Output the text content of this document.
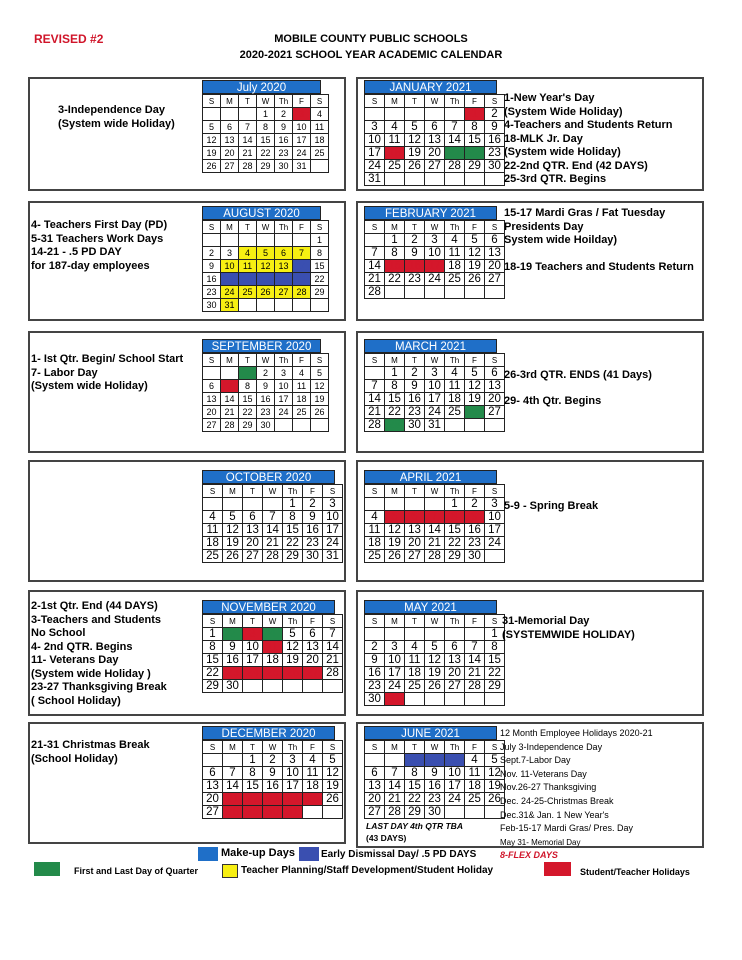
REVISED #2	MOBILE COUNTY PUBLIC SCHOOLS
2020-2021 SCHOOL YEAR ACADEMIC CALENDAR
July 2020
S	M	T	W	Th	F	S
			1	2	3	4
5	6	7	8	9	10	11
12	13	14	15	16	17	18
19	20	21	22	23	24	25
26	27	28	29	30	31	
JANUARY 2021
S	M	T	W	Th	F	S
					1	2
3	4	5	6	7	8	9
10	11	12	13	14	15	16
17	18	19	20	21	22	23
24	25	26	27	28	29	30
31						
AUGUST 2020
S	M	T	W	Th	F	S
						1
2	3	4	5	6	7	8
9	10	11	12	13	14	15
16	17	18	19	20	21	22
23	24	25	26	27	28	29
30	31					
FEBRUARY 2021
S	M	T	W	Th	F	S
	1	2	3	4	5	6
7	8	9	10	11	12	13
14	15	16	17	18	19	20
21	22	23	24	25	26	27
28						
SEPTEMBER 2020
S	M	T	W	Th	F	S
		1	2	3	4	5
6	7	8	9	10	11	12
13	14	15	16	17	18	19
20	21	22	23	24	25	26
27	28	29	30			
MARCH 2021
S	M	T	W	Th	F	S
	1	2	3	4	5	6
7	8	9	10	11	12	13
14	15	16	17	18	19	20
21	22	23	24	25	26	27
28	29	30	31			
OCTOBER 2020
S	M	T	W	Th	F	S
				1	2	3
4	5	6	7	8	9	10
11	12	13	14	15	16	17
18	19	20	21	22	23	24
25	26	27	28	29	30	31
APRIL 2021
S	M	T	W	Th	F	S
				1	2	3
4	5	6	7	8	9	10
11	12	13	14	15	16	17
18	19	20	21	22	23	24
25	26	27	28	29	30	
NOVEMBER 2020
S	M	T	W	Th	F	S
1	2	3	4	5	6	7
8	9	10	11	12	13	14
15	16	17	18	19	20	21
22	23	24	25	26	27	28
29	30					
MAY 2021
S	M	T	W	Th	F	S
						1
2	3	4	5	6	7	8
9	10	11	12	13	14	15
16	17	18	19	20	21	22
23	24	25	26	27	28	29
30	31					
DECEMBER 2020
S	M	T	W	Th	F	S
		1	2	3	4	5
6	7	8	9	10	11	12
13	14	15	16	17	18	19
20	21	22	23	24	25	26
27	28	29	30	31		
JUNE 2021
S	M	T	W	Th	F	S
		1	2	3	4	5
6	7	8	9	10	11	12
13	14	15	16	17	18	19
20	21	22	23	24	25	26
27	28	29	30			
3-Independence Day
(System wide Holiday)
1-New Year's Day
(System Wide Holiday)
4-Teachers and Students Return
18-MLK Jr. Day
(System wide Holiday)
22-2nd QTR. End (42 DAYS)
25-3rd QTR. Begins
4- Teachers First Day (PD)
5-31 Teachers Work Days
14-21 - .5 PD DAY
for 187-day employees
15-17 Mardi Gras / Fat Tuesday
Presidents Day
System wide Hoilday)
18-19 Teachers and Students Return
1- Ist Qtr. Begin/ School Start
7- Labor Day
(System wide Holiday)
26-3rd QTR. ENDS (41 Days)
29- 4th Qtr. Begins
5-9 - Spring Break
2-1st Qtr. End (44 DAYS)
3-Teachers and Students
No School
4- 2nd QTR. Begins
11- Veterans Day
(System wide Holiday )
23-27 Thanksgiving Break
( School Holiday)
31-Memorial Day
(SYSTEMWIDE HOLIDAY)
21-31 Christmas Break
(School Holiday)
12 Month Employee Holidays 2020-21
July 3-Independence Day
Sept.7-Labor Day
Nov. 11-Veterans Day
Nov.26-27 Thanksgiving
Dec. 24-25-Christmas Break
Dec.31& Jan. 1 New Year's
Feb-15-17 Mardi Gras/ Pres. Day
May 31- Memorial Day
LAST DAY 4th QTR TBA
(43 DAYS)
First and Last Day of Quarter
Make-up Days	Early Dismissal Day/ .5 PD DAYS	8-FLEX DAYS
Teacher Planning/Staff Development/Student Holiday	Student/Teacher Holidays
